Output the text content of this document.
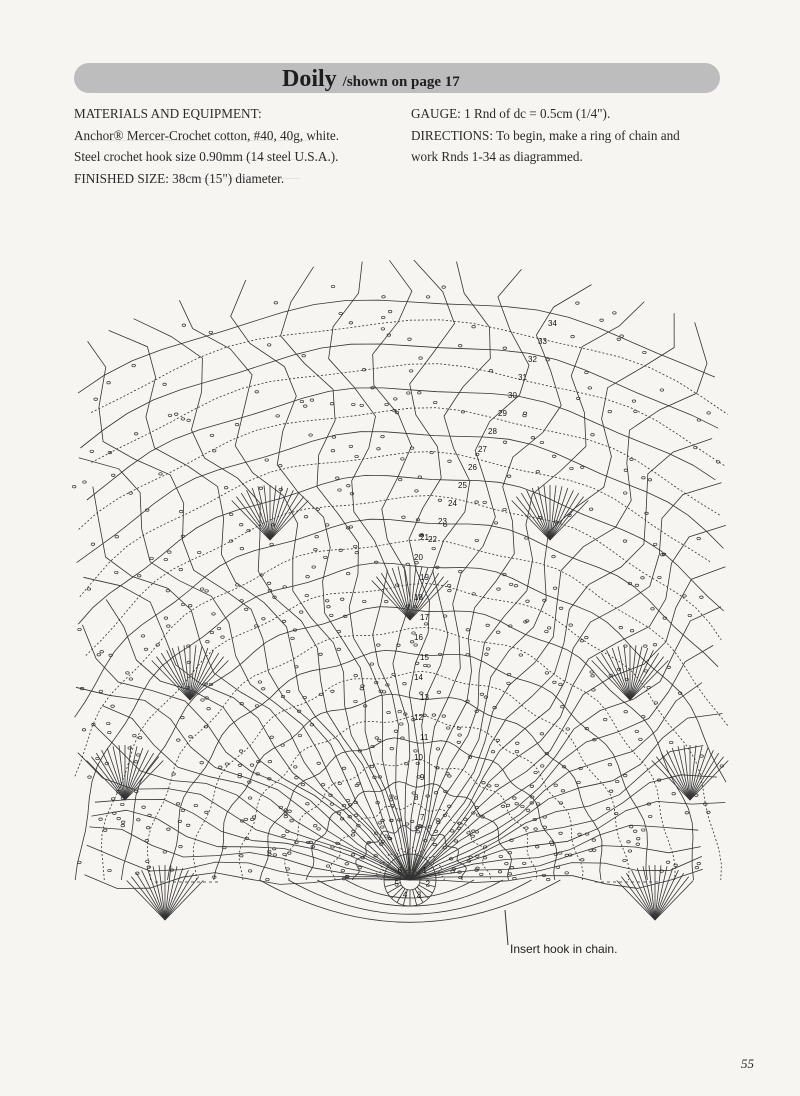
Doily /shown on page 17

MATERIALS AND EQUIPMENT:

Anchor® Mercer-Crochet cotton, #40, 40g, white.

Steel crochet hook size 0.90mm (14 steel U.S.A.).

FINISHED SIZE: 38cm (15") diameter.

GAUGE: 1 Rnd of dc = 0.5cm (1/4").

DIRECTIONS: To begin, make a ring of chain and

work Rnds 1-34 as diagrammed.

1
2
3
4
5
6
7
8
9
10
11
12
13
14
15
16
17
18
19
20
21 22
23
24
25
26
27
28
29
30
31
32
33
34
Insert hook in chain.
55
